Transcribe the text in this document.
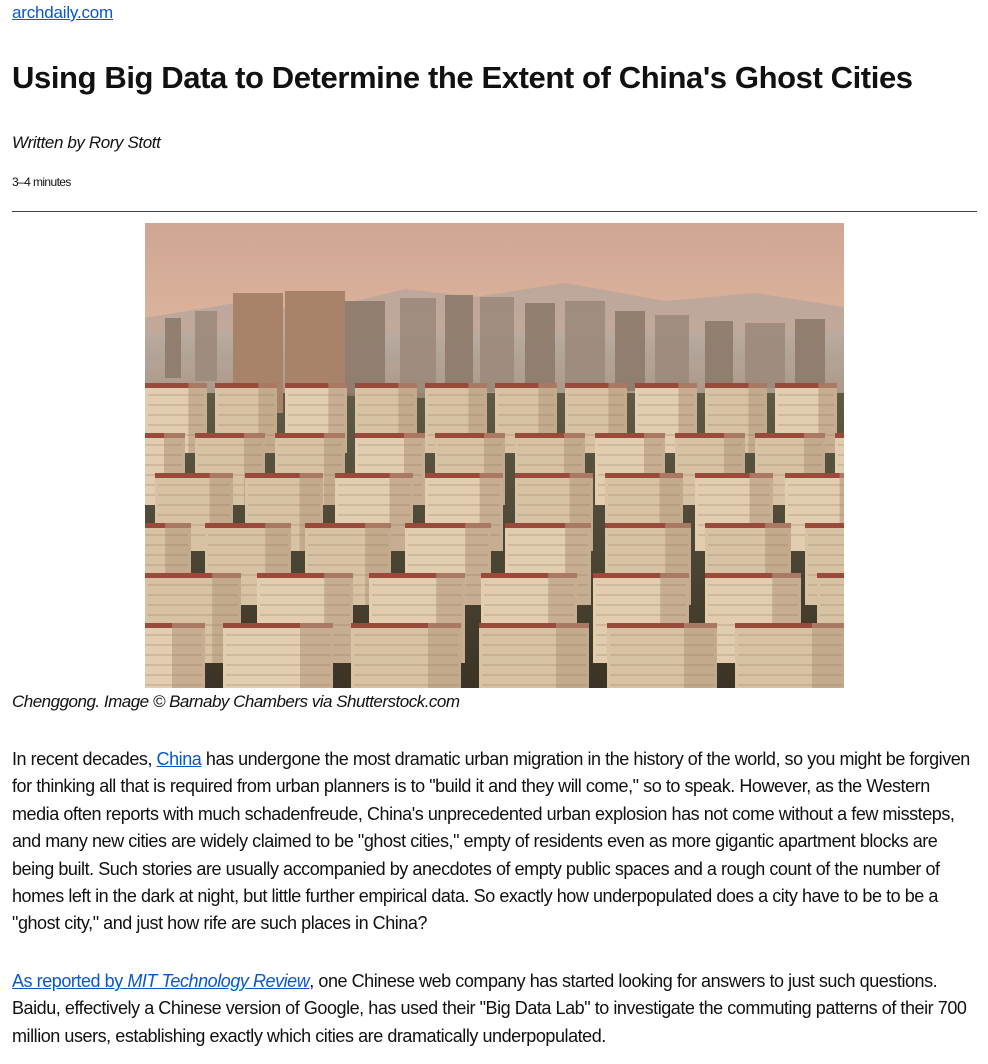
archdaily.com
Using Big Data to Determine the Extent of China's Ghost Cities
Written by Rory Stott
3–4 minutes
Chenggong. Image © Barnaby Chambers via Shutterstock.com

In recent decades, China has undergone the most dramatic urban migration in the history of the world, so you might be forgiven for thinking all that is required from urban planners is to "build it and they will come," so to speak. However, as the Western media often reports with much schadenfreude, China's unprecedented urban explosion has not come without a few missteps, and many new cities are widely claimed to be "ghost cities," empty of residents even as more gigantic apartment blocks are being built. Such stories are usually accompanied by anecdotes of empty public spaces and a rough count of the number of homes left in the dark at night, but little further empirical data. So exactly how underpopulated does a city have to be to be a "ghost city," and just how rife are such places in China?

As reported by MIT Technology Review, one Chinese web company has started looking for answers to just such questions. Baidu, effectively a Chinese version of Google, has used their "Big Data Lab" to investigate the commuting patterns of their 700 million users, establishing exactly which cities are dramatically underpopulated.
